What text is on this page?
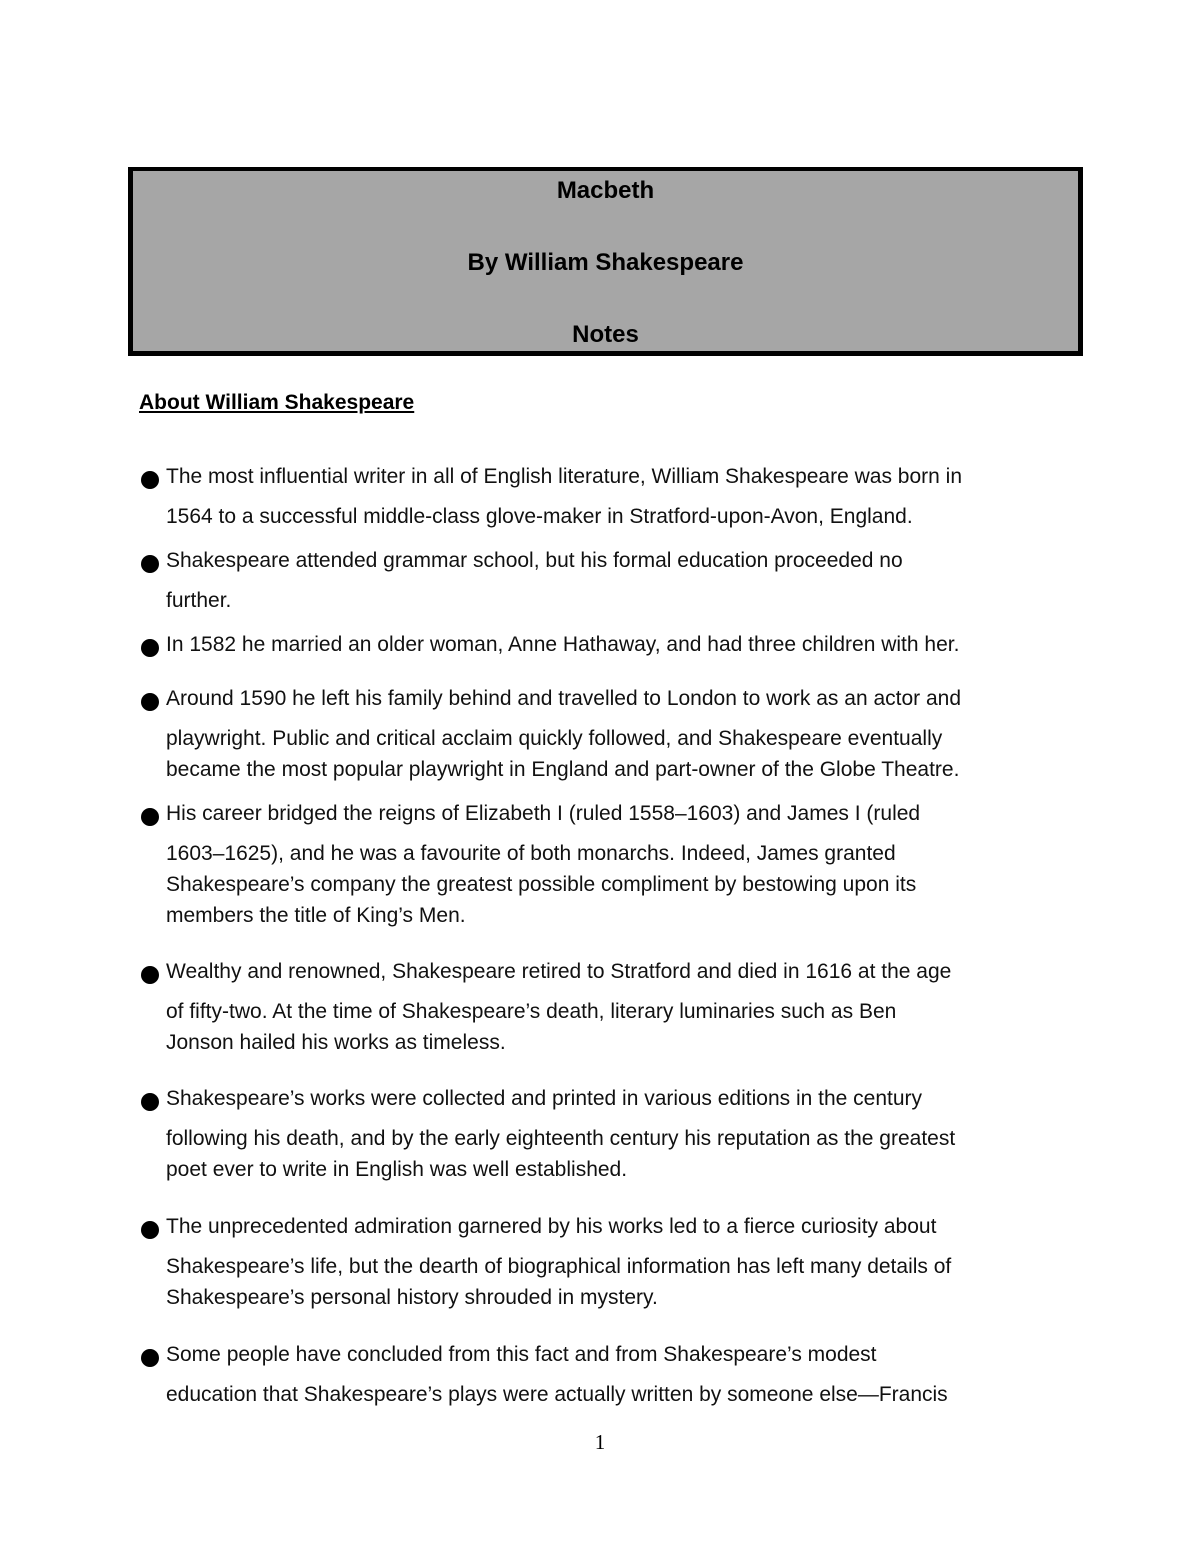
Macbeth
By William Shakespeare
Notes
About William Shakespeare
The most influential writer in all of English literature, William Shakespeare was born in
1564 to a successful middle-class glove-maker in Stratford-upon-Avon, England.
Shakespeare attended grammar school, but his formal education proceeded no
further.
In 1582 he married an older woman, Anne Hathaway, and had three children with her.
Around 1590 he left his family behind and travelled to London to work as an actor and
playwright. Public and critical acclaim quickly followed, and Shakespeare eventually
became the most popular playwright in England and part-owner of the Globe Theatre.
His career bridged the reigns of Elizabeth I (ruled 1558–1603) and James I (ruled
1603–1625), and he was a favourite of both monarchs. Indeed, James granted
Shakespeare’s company the greatest possible compliment by bestowing upon its
members the title of King’s Men.
Wealthy and renowned, Shakespeare retired to Stratford and died in 1616 at the age
of fifty-two. At the time of Shakespeare’s death, literary luminaries such as Ben
Jonson hailed his works as timeless.
Shakespeare’s works were collected and printed in various editions in the century
following his death, and by the early eighteenth century his reputation as the greatest
poet ever to write in English was well established.
The unprecedented admiration garnered by his works led to a fierce curiosity about
Shakespeare’s life, but the dearth of biographical information has left many details of
Shakespeare’s personal history shrouded in mystery.
Some people have concluded from this fact and from Shakespeare’s modest
education that Shakespeare’s plays were actually written by someone else—Francis
1
